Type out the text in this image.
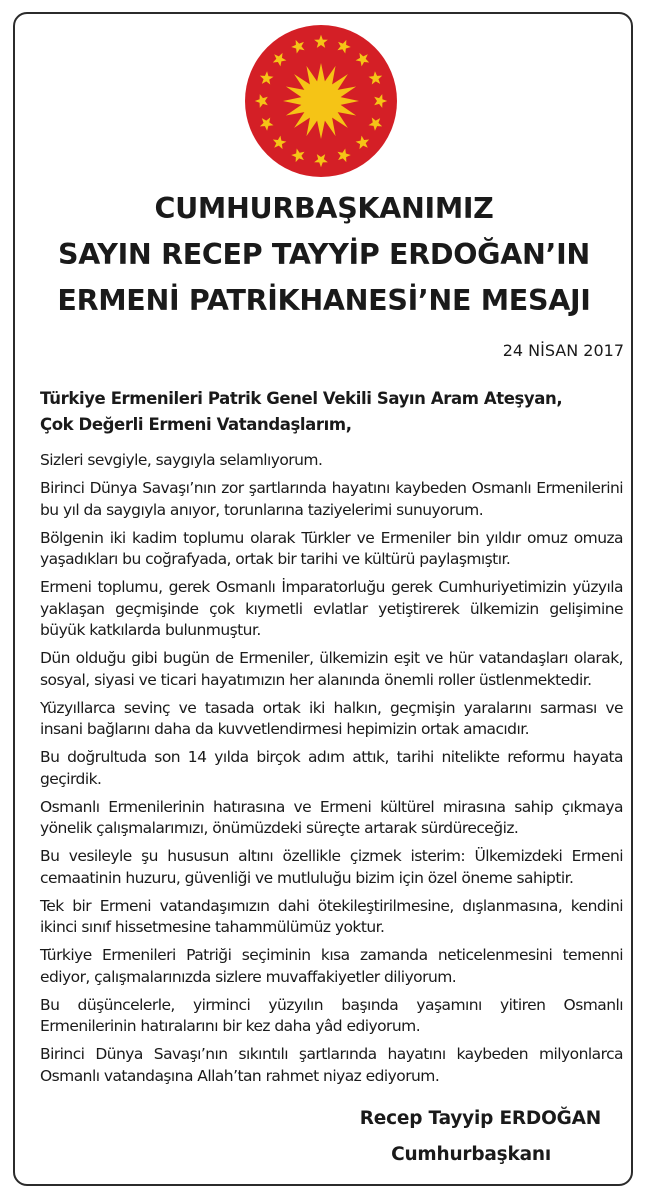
CUMHURBAŞKANIMIZ
SAYIN RECEP TAYYİP ERDOĞAN’IN
ERMENİ PATRİKHANESİ’NE MESAJI
24 NİSAN 2017
Türkiye Ermenileri Patrik Genel Vekili Sayın Aram Ateşyan,
Çok Değerli Ermeni Vatandaşlarım,

Sizleri sevgiyle, saygıyla selamlıyorum.

Birinci Dünya Savaşı’nın zor şartlarında hayatını kaybeden Osmanlı Ermenilerini bu yıl da saygıyla anıyor, torunlarına taziyelerimi sunuyorum.

Bölgenin iki kadim toplumu olarak Türkler ve Ermeniler bin yıldır omuz omuza yaşadıkları bu coğrafyada, ortak bir tarihi ve kültürü paylaşmıştır.

Ermeni toplumu, gerek Osmanlı İmparatorluğu gerek Cumhuriyetimizin yüzyıla yaklaşan geçmişinde çok kıymetli evlatlar yetiştirerek ülkemizin gelişimine büyük katkılarda bulunmuştur.

Dün olduğu gibi bugün de Ermeniler, ülkemizin eşit ve hür vatandaşları olarak, sosyal, siyasi ve ticari hayatımızın her alanında önemli roller üstlenmektedir.

Yüzyıllarca sevinç ve tasada ortak iki halkın, geçmişin yaralarını sarması ve insani bağlarını daha da kuvvetlendirmesi hepimizin ortak amacıdır.

Bu doğrultuda son 14 yılda birçok adım attık, tarihi nitelikte reformu hayata geçirdik.

Osmanlı Ermenilerinin hatırasına ve Ermeni kültürel mirasına sahip çıkmaya yönelik çalışmalarımızı, önümüzdeki süreçte artarak sürdüreceğiz.

Bu vesileyle şu hususun altını özellikle çizmek isterim: Ülkemizdeki Ermeni cemaatinin huzuru, güvenliği ve mutluluğu bizim için özel öneme sahiptir.

Tek bir Ermeni vatandaşımızın dahi ötekileştirilmesine, dışlanmasına, kendini ikinci sınıf hissetmesine tahammülümüz yoktur.

Türkiye Ermenileri Patriği seçiminin kısa zamanda neticelenmesini temenni ediyor, çalışmalarınızda sizlere muvaffakiyetler diliyorum.

Bu düşüncelerle, yirminci yüzyılın başında yaşamını yitiren Osmanlı Ermenilerinin hatıralarını bir kez daha yâd ediyorum.

Birinci Dünya Savaşı’nın sıkıntılı şartlarında hayatını kaybeden milyonlarca Osmanlı vatandaşına Allah’tan rahmet niyaz ediyorum.

Recep Tayyip ERDOĞAN
Cumhurbaşkanı
